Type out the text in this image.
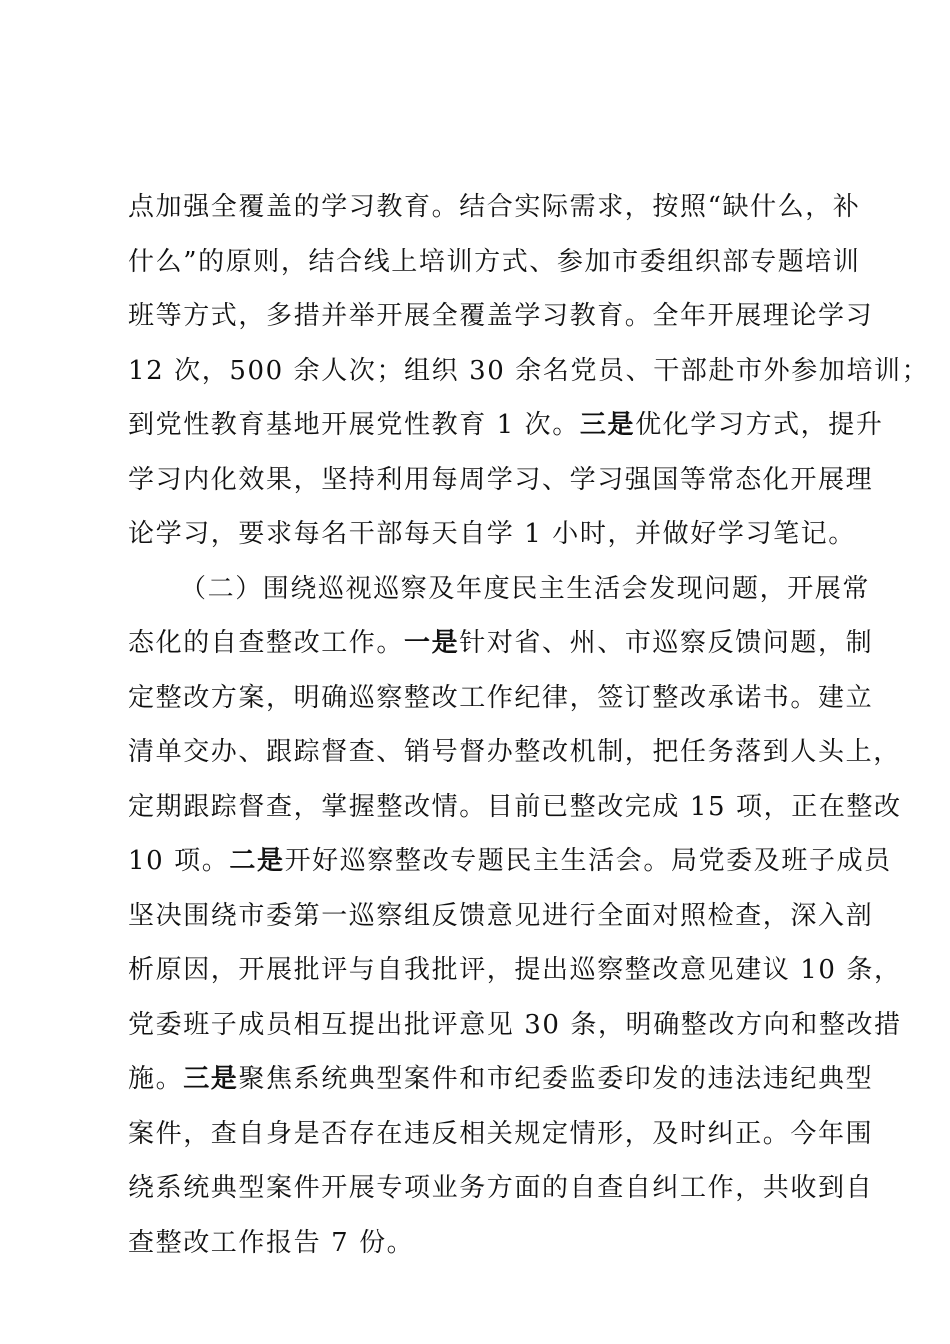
点加强全覆盖的学习教育。结合实际需求，按照“缺什么，补
什么”的原则，结合线上培训方式、参加市委组织部专题培训
班等方式，多措并举开展全覆盖学习教育。全年开展理论学习
12 次，500 余人次；组织 30 余名党员、干部赴市外参加培训；
到党性教育基地开展党性教育 1 次。三是优化学习方式，提升
学习内化效果，坚持利用每周学习、学习强国等常态化开展理
论学习，要求每名干部每天自学 1 小时，并做好学习笔记。
（二）围绕巡视巡察及年度民主生活会发现问题，开展常
态化的自查整改工作。一是针对省、州、市巡察反馈问题，制
定整改方案，明确巡察整改工作纪律，签订整改承诺书。建立
清单交办、跟踪督查、销号督办整改机制，把任务落到人头上，
定期跟踪督查，掌握整改情。目前已整改完成 15 项，正在整改
10 项。二是开好巡察整改专题民主生活会。局党委及班子成员
坚决围绕市委第一巡察组反馈意见进行全面对照检查，深入剖
析原因，开展批评与自我批评，提出巡察整改意见建议 10 条，
党委班子成员相互提出批评意见 30 条，明确整改方向和整改措
施。三是聚焦系统典型案件和市纪委监委印发的违法违纪典型
案件，查自身是否存在违反相关规定情形，及时纠正。今年围
绕系统典型案件开展专项业务方面的自查自纠工作，共收到自
查整改工作报告 7 份。
